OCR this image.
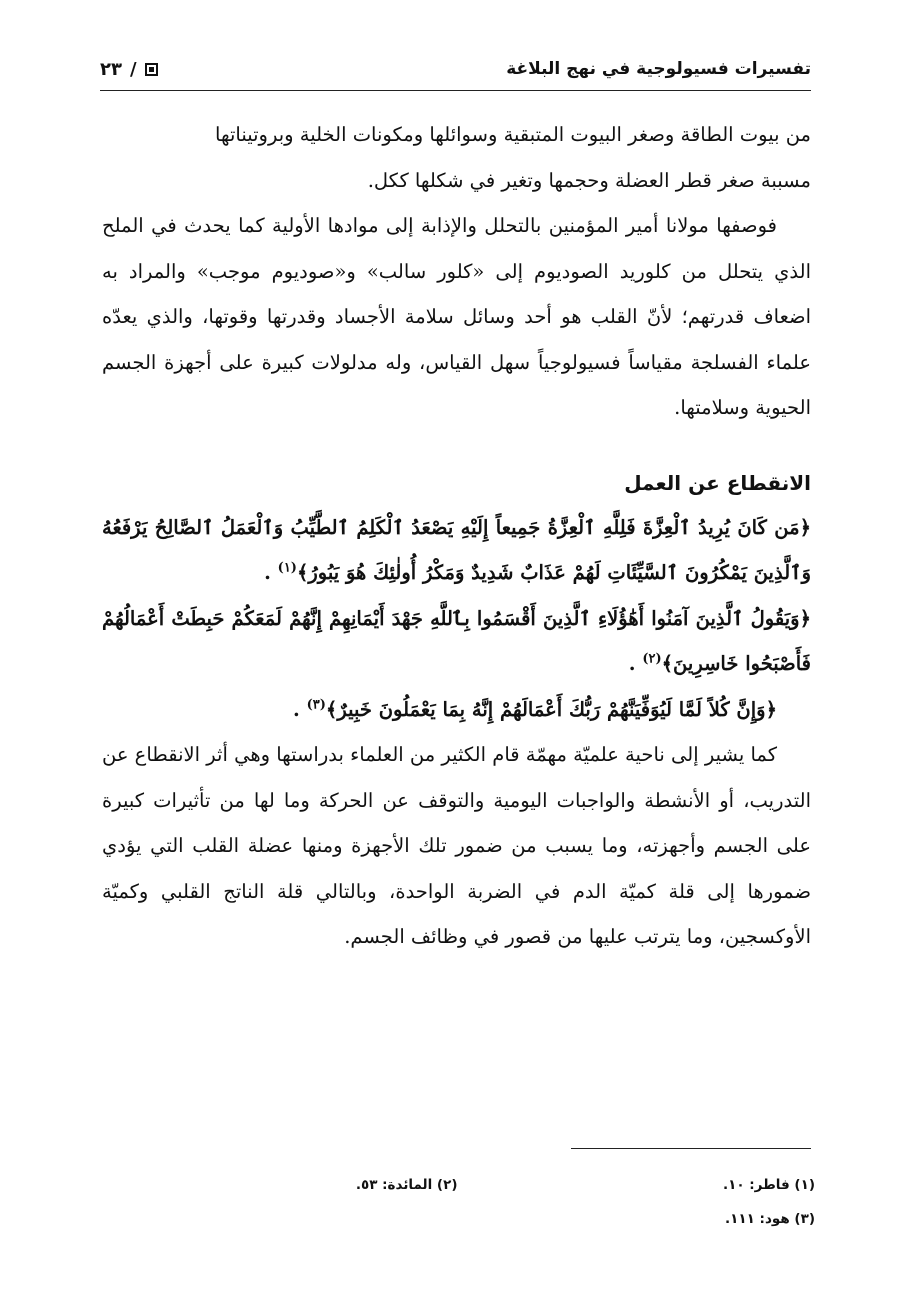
تفسيرات فسيولوجية في نهج البلاغة
/
٢٣

من بيوت الطاقة وصغر البيوت المتبقية وسوائلها ومكونات الخلية وبروتيناتها

مسببة صغر قطر العضلة وحجمها وتغير في شكلها ككل.

فوصفها مولانا أمير المؤمنين بالتحلل والإذابة إلى موادها الأولية كما يحدث في الملح الذي يتحلل من كلوريد الصوديوم إلى «كلور سالب» و«صوديوم موجب» والمراد به اضعاف قدرتهم؛ لأنّ القلب هو أحد وسائل سلامة الأجساد وقدرتها وقوتها، والذي يعدّه علماء الفسلجة مقياساً فسيولوجياً سهل القياس، وله مدلولات كبيرة على أجهزة الجسم الحيوية وسلامتها.

الانقطاع عن العمل

﴿مَن كَانَ يُرِيدُ ٱلْعِزَّةَ فَلِلَّهِ ٱلْعِزَّةُ جَمِيعاً إِلَيْهِ يَصْعَدُ ٱلْكَلِمُ ٱلطَّيِّبُ وَٱلْعَمَلُ ٱلصَّالِحُ يَرْفَعُهُ وَٱلَّذِينَ يَمْكُرُونَ ٱلسَّيِّئَاتِ لَهُمْ عَذَابٌ شَدِيدٌ وَمَكْرُ أُولٰئِكَ هُوَ يَبُورُ﴾$^{(١)}$ .

﴿وَيَقُولُ ٱلَّذِينَ آمَنُوا أَهَٰؤُلَاءِ ٱلَّذِينَ أَقْسَمُوا بِٱللَّهِ جَهْدَ أَيْمَانِهِمْ إِنَّهُمْ لَمَعَكُمْ حَبِطَتْ أَعْمَالُهُمْ فَأَصْبَحُوا خَاسِرِينَ﴾$^{(٢)}$ .

﴿وَإِنَّ كُلاً لَمَّا لَيُوَفِّيَنَّهُمْ رَبُّكَ أَعْمَالَهُمْ إِنَّهُ بِمَا يَعْمَلُونَ خَبِيرٌ﴾$^{(٣)}$ .

كما يشير إلى ناحية علميّة مهمّة قام الكثير من العلماء بدراستها وهي أثر الانقطاع عن التدريب، أو الأنشطة والواجبات اليومية والتوقف عن الحركة وما لها من تأثيرات كبيرة على الجسم وأجهزته، وما يسبب من ضمور تلك الأجهزة ومنها عضلة القلب التي يؤدي ضمورها إلى قلة كميّة الدم في الضربة الواحدة، وبالتالي قلة الناتج القلبي وكميّة الأوكسجين، وما يترتب عليها من قصور في وظائف الجسم.

(١) فاطر: ١٠.
(٢) المائدة: ٥٣.
(٣) هود: ١١١.
